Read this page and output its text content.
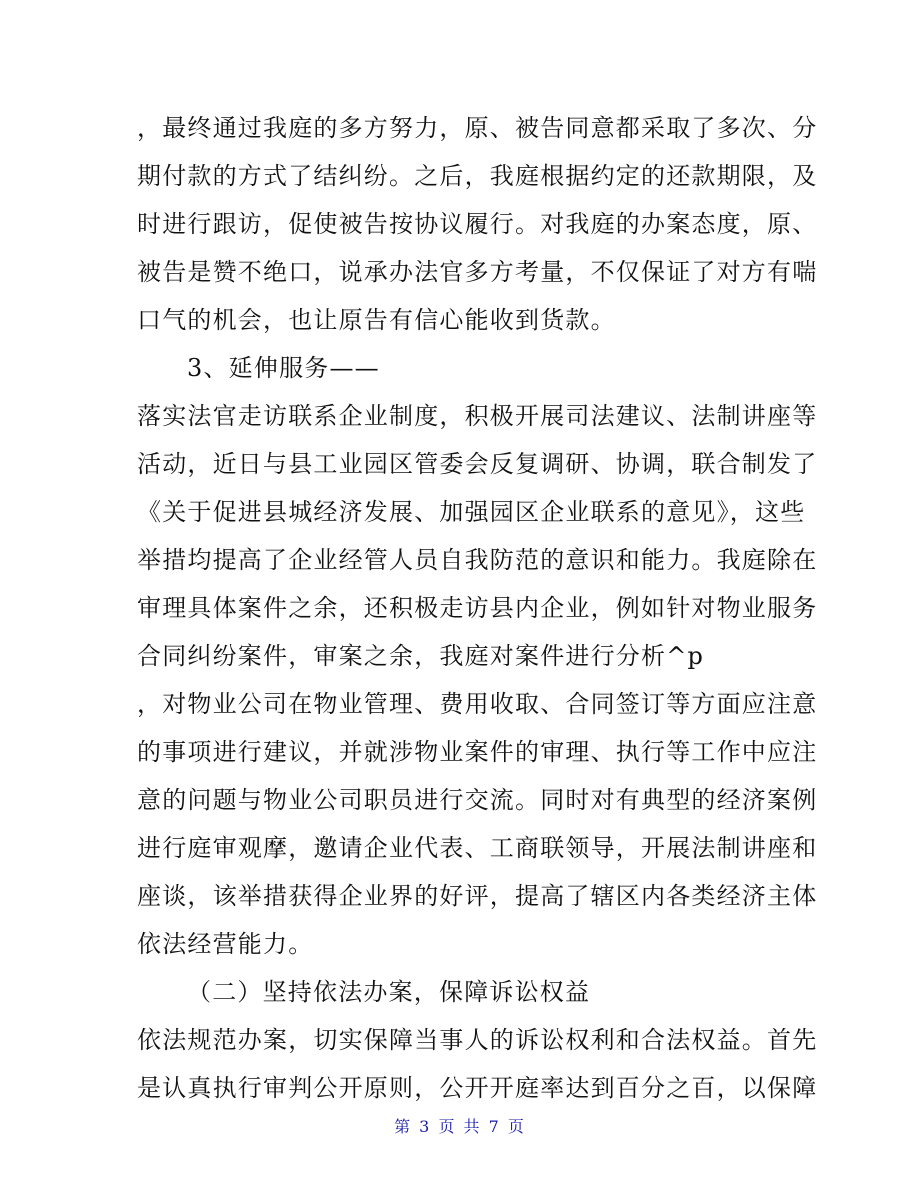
，最终通过我庭的多方努力，原、被告同意都采取了多次、分
期付款的方式了结纠纷。之后，我庭根据约定的还款期限，及
时进行跟访，促使被告按协议履行。对我庭的办案态度，原、
被告是赞不绝口，说承办法官多方考量，不仅保证了对方有喘
口气的机会，也让原告有信心能收到货款。
3、延伸服务——
落实法官走访联系企业制度，积极开展司法建议、法制讲座等
活动，近日与县工业园区管委会反复调研、协调，联合制发了
《关于促进县城经济发展、加强园区企业联系的意见》，这些
举措均提高了企业经管人员自我防范的意识和能力。我庭除在
审理具体案件之余，还积极走访县内企业，例如针对物业服务
合同纠纷案件，审案之余，我庭对案件进行分析^p
，对物业公司在物业管理、费用收取、合同签订等方面应注意
的事项进行建议，并就涉物业案件的审理、执行等工作中应注
意的问题与物业公司职员进行交流。同时对有典型的经济案例
进行庭审观摩，邀请企业代表、工商联领导，开展法制讲座和
座谈，该举措获得企业界的好评，提高了辖区内各类经济主体
依法经营能力。
（二）坚持依法办案，保障诉讼权益
依法规范办案，切实保障当事人的诉讼权利和合法权益。首先
是认真执行审判公开原则，公开开庭率达到百分之百，以保障
第 3 页 共 7 页
